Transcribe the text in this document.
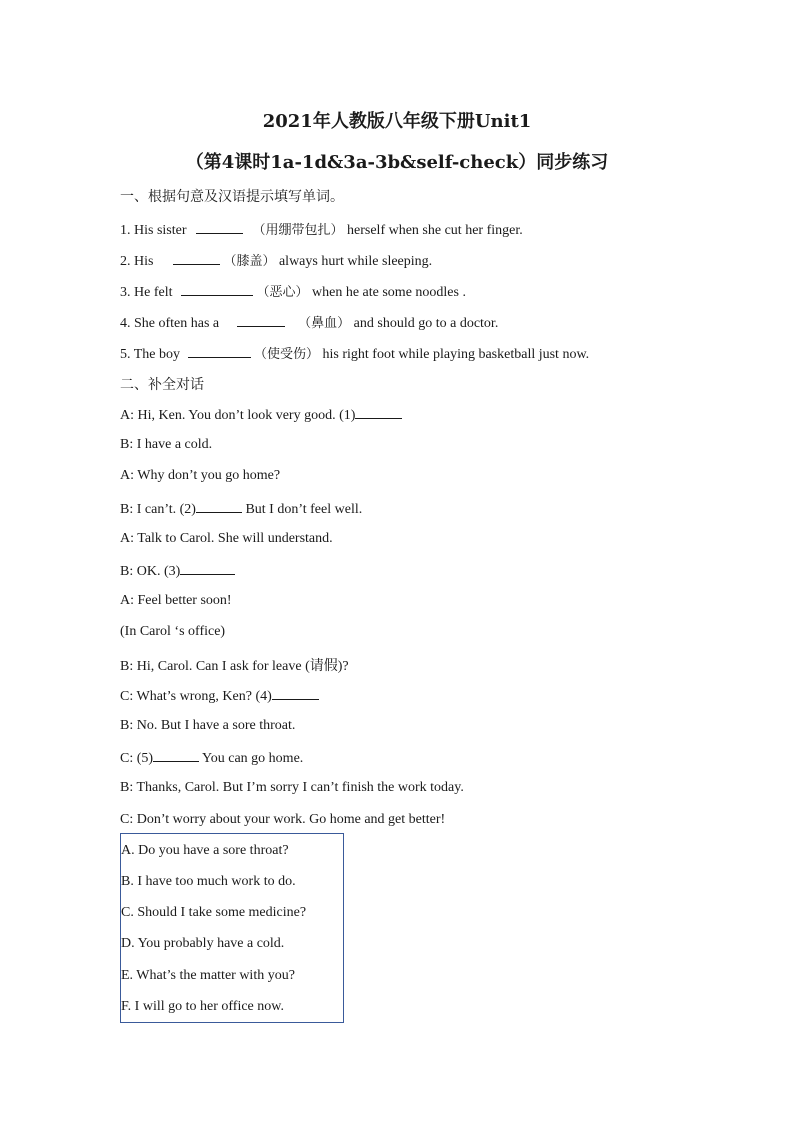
2021年人教版八年级下册Unit1
（第4课时1a-1d&3a-3b&self-check）同步练习
一、根据句意及汉语提示填写单词。
1. His sister	（用绷带包扎） herself when she cut her finger.
2. His	（膝盖） always hurt while sleeping.
3. He felt	（恶心） when he ate some noodles .
4. She often has a	（鼻血） and should go to a doctor.
5. The boy	（使受伤） his right foot while playing basketball just now.
二、补全对话
A: Hi, Ken. You don’t look very good. (1)
B: I have a cold.
A: Why don’t you go home?
B: I can’t. (2)	But I don’t feel well.
A: Talk to Carol. She will understand.
B: OK. (3)
A: Feel better soon!
(In Carol ‘s office)
B: Hi, Carol. Can I ask for leave (请假)?
C: What’s wrong, Ken? (4)
B: No. But I have a sore throat.
C: (5)	You can go home.
B: Thanks, Carol. But I’m sorry I can’t finish the work today.
C: Don’t worry about your work. Go home and get better!
A. Do you have a sore throat?
B. I have too much work to do.
C. Should I take some medicine?
D. You probably have a cold.
E. What’s the matter with you?
F. I will go to her office now.
